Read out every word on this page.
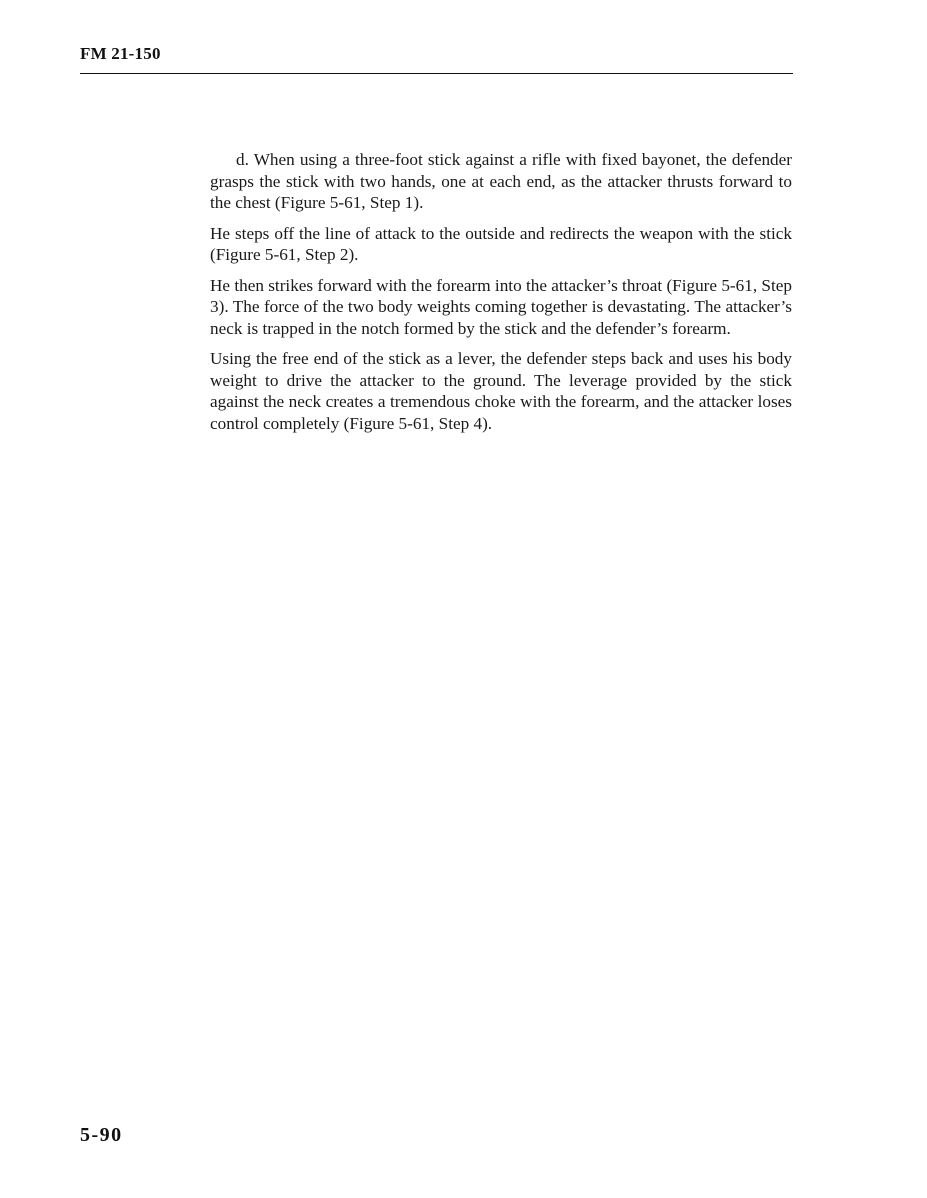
FM 21-150

d. When using a three-foot stick against a rifle with fixed bayonet, the defender grasps the stick with two hands, one at each end, as the attacker thrusts forward to the chest (Figure 5-61, Step 1).

He steps off the line of attack to the outside and redirects the weapon with the stick (Figure 5-61, Step 2).

He then strikes forward with the forearm into the attacker’s throat (Figure 5-61, Step 3). The force of the two body weights coming together is devastating. The attacker’s neck is trapped in the notch formed by the stick and the defender’s forearm.

Using the free end of the stick as a lever, the defender steps back and uses his body weight to drive the attacker to the ground. The leverage provided by the stick against the neck creates a tremendous choke with the forearm, and the attacker loses control completely (Figure 5-61, Step 4).

5-90
